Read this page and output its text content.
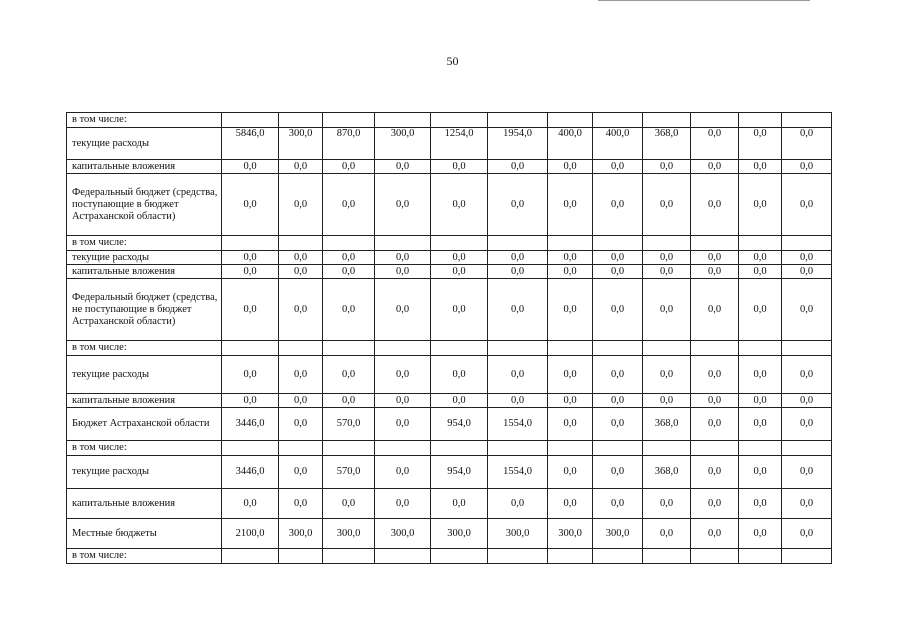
50
в том числе:												
текущие расходы	5846,0	300,0	870,0	300,0	1254,0	1954,0	400,0	400,0	368,0	0,0	0,0	0,0
капитальные вложения	0,0	0,0	0,0	0,0	0,0	0,0	0,0	0,0	0,0	0,0	0,0	0,0
Федеральный бюджет (средства, поступающие в бюджет Астраханской области)	0,0	0,0	0,0	0,0	0,0	0,0	0,0	0,0	0,0	0,0	0,0	0,0
в том числе:												
текущие расходы	0,0	0,0	0,0	0,0	0,0	0,0	0,0	0,0	0,0	0,0	0,0	0,0
капитальные вложения	0,0	0,0	0,0	0,0	0,0	0,0	0,0	0,0	0,0	0,0	0,0	0,0
Федеральный бюджет (средства, не поступающие в бюджет Астраханской области)	0,0	0,0	0,0	0,0	0,0	0,0	0,0	0,0	0,0	0,0	0,0	0,0
в том числе:												
текущие расходы	0,0	0,0	0,0	0,0	0,0	0,0	0,0	0,0	0,0	0,0	0,0	0,0
капитальные вложения	0,0	0,0	0,0	0,0	0,0	0,0	0,0	0,0	0,0	0,0	0,0	0,0
Бюджет Астраханской области	3446,0	0,0	570,0	0,0	954,0	1554,0	0,0	0,0	368,0	0,0	0,0	0,0
в том числе:												
текущие расходы	3446,0	0,0	570,0	0,0	954,0	1554,0	0,0	0,0	368,0	0,0	0,0	0,0
капитальные вложения	0,0	0,0	0,0	0,0	0,0	0,0	0,0	0,0	0,0	0,0	0,0	0,0
Местные бюджеты	2100,0	300,0	300,0	300,0	300,0	300,0	300,0	300,0	0,0	0,0	0,0	0,0
в том числе:												
